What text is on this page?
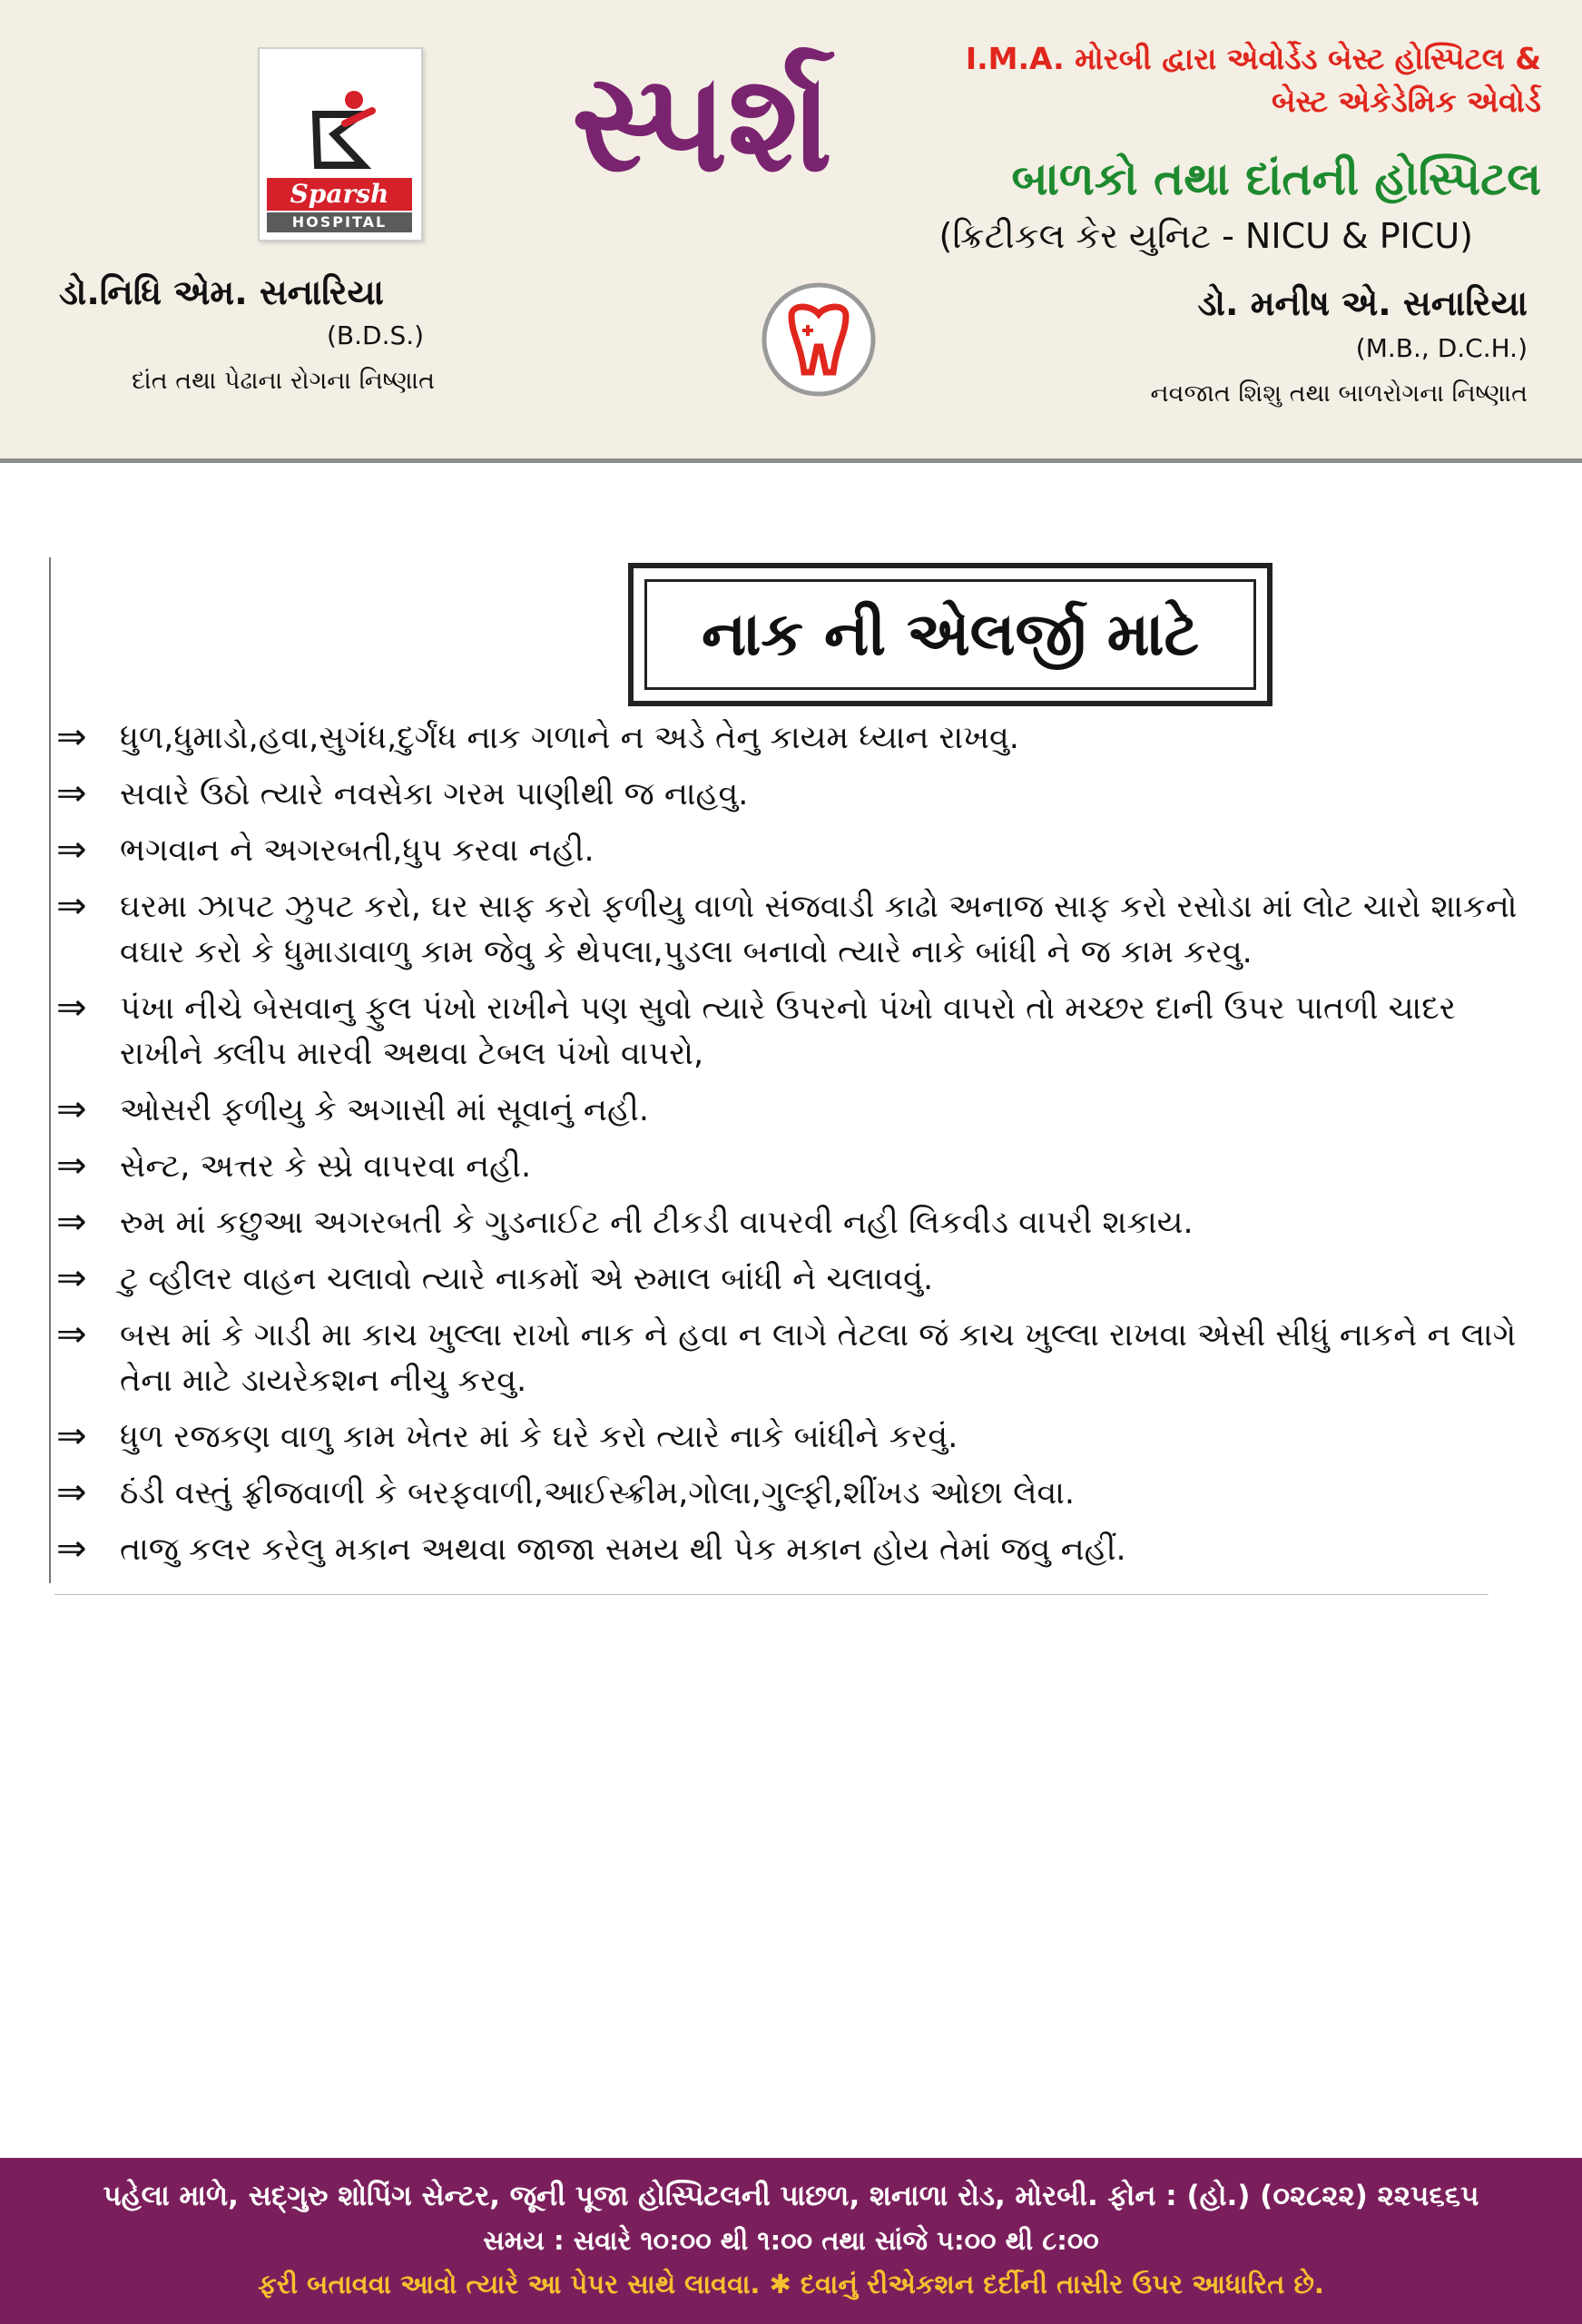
Sparsh
HOSPITAL
સ્પર્શ	I.M.A. મોરબી દ્વારા એવોર્ડેડ બેસ્ટ હોસ્પિટલ &
બેસ્ટ એકેડેમિક એવોર્ડ
બાળકો તથા દાંતની હોસ્પિટલ
(ક્રિટીકલ કેર યુનિટ - NICU & PICU)
ડો.નિધિ એમ. સનારિયા
(B.D.S.)
દાંત તથા પેઢાના રોગના નિષ્ણાત
ડો. મનીષ એ. સનારિયા
(M.B., D.C.H.)
નવજાત શિશુ તથા બાળરોગના નિષ્ણાત
નાક ની એલર્જી માટે
⇒	ધુળ,ધુમાડો,હવા,સુગંધ,દુર્ગંધ નાક ગળાને ન અડે તેનુ કાયમ ધ્યાન રાખવુ.
⇒	સવારે ઉઠો ત્યારે નવસેકા ગરમ પાણીથી જ નાહવુ.
⇒	ભગવાન ને અગરબતી,ધુપ કરવા નહી.
⇒	ઘરમા ઝાપટ ઝુપટ કરો, ઘર સાફ કરો ફળીયુ વાળો સંજવાડી કાઢો અનાજ સાફ કરો રસોડા માં લોટ ચારો શાકનો વઘાર કરો કે ધુમાડાવાળુ કામ જેવુ કે થેપલા,પુડલા બનાવો ત્યારે નાકે બાંધી ને જ કામ કરવુ.
⇒	પંખા નીચે બેસવાનુ ફુલ પંખો રાખીને પણ સુવો ત્યારે ઉપરનો પંખો વાપરો તો મચ્છર દાની ઉપર પાતળી ચાદર રાખીને ક્લીપ મારવી અથવા ટેબલ પંખો વાપરો,
⇒	ઓસરી ફળીયુ કે અગાસી માં સૂવાનું નહી.
⇒	સેન્ટ, અત્તર કે સ્પ્રે વાપરવા નહી.
⇒	રુમ માં કછુઆ અગરબતી કે ગુડનાઈટ ની ટીકડી વાપરવી નહી લિકવીડ વાપરી શકાય.
⇒	ટુ વ્હીલર વાહન ચલાવો ત્યારે નાકમોં એ રુમાલ બાંધી ને ચલાવવું.
⇒	બસ માં કે ગાડી મા કાચ ખુલ્લા રાખો નાક ને હવા ન લાગે તેટલા જં કાચ ખુલ્લા રાખવા એસી સીધું નાકને ન લાગે તેના માટે ડાયરેકશન નીચુ કરવુ.
⇒	ધુળ રજકણ વાળુ કામ ખેતર માં કે ઘરે કરો ત્યારે નાકે બાંધીને કરવું.
⇒	ઠંડી વસ્તું ફ્રીજવાળી કે બરફવાળી,આઈસ્ક્રીમ,ગોલા,ગુલ્ફી,શીંખડ ઓછા લેવા.
⇒	તાજુ કલર કરેલુ મકાન અથવા જાજા સમય થી પેક મકાન હોય તેમાં જવુ નહીં.
પહેલા માળે, સદ્ગુરુ શોપિંગ સેન્ટર, જૂની પૂજા હોસ્પિટલની પાછળ, શનાળા રોડ, મોરબી. ફોન : (હો.) (૦૨૮૨૨) ૨૨૫૬૬૫
સમય : સવારે ૧૦:૦૦ થી ૧:૦૦ તથા સાંજે ૫:૦૦ થી ૮:૦૦
ફરી બતાવવા આવો ત્યારે આ પેપર સાથે લાવવા. ✱ દવાનું રીએકશન દર્દીની તાસીર ઉપર આધારિત છે.
